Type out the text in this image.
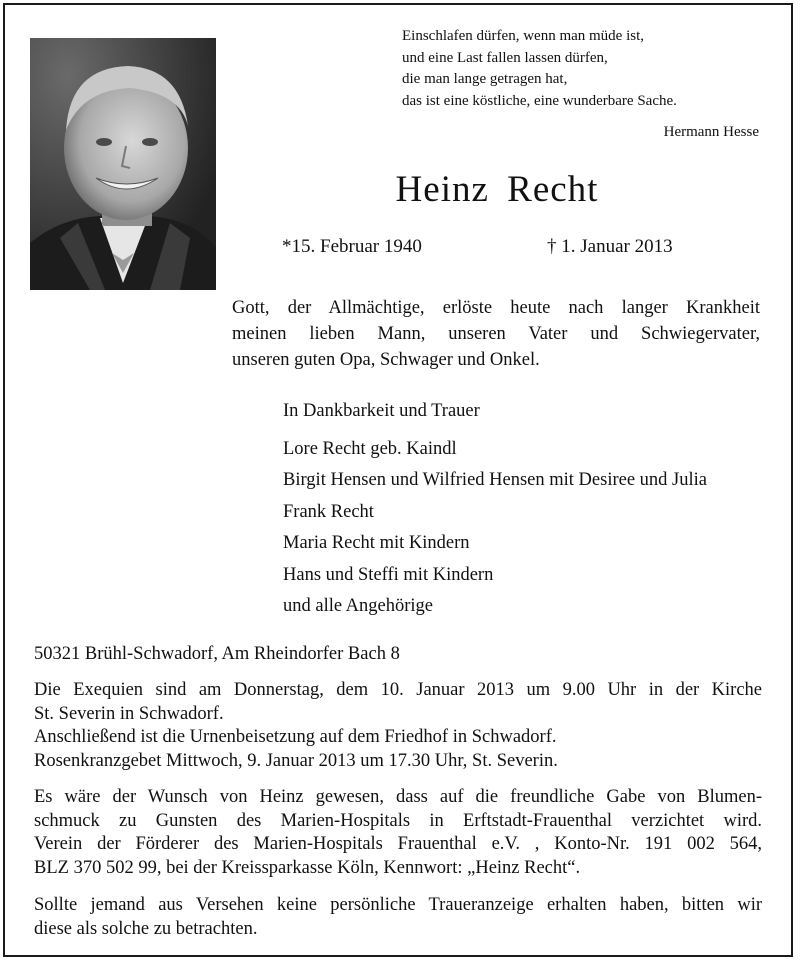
Einschlafen dürfen, wenn man müde ist,
und eine Last fallen lassen dürfen,
die man lange getragen hat,
das ist eine köstliche, eine wunderbare Sache.
Hermann Hesse
Heinz Recht
*15. Februar 1940	† 1. Januar 2013
Gott, der Allmächtige, erlöste heute nach langer Krankheit
meinen lieben Mann, unseren Vater und Schwiegervater,
unseren guten Opa, Schwager und Onkel.
In Dankbarkeit und Trauer
Lore Recht geb. Kaindl
Birgit Hensen und Wilfried Hensen mit Desiree und Julia
Frank Recht
Maria Recht mit Kindern
Hans und Steffi mit Kindern
und alle Angehörige
50321 Brühl-Schwadorf, Am Rheindorfer Bach 8
Die Exequien sind am Donnerstag, dem 10. Januar 2013 um 9.00 Uhr in der Kirche
St. Severin in Schwadorf.
Anschließend ist die Urnenbeisetzung auf dem Friedhof in Schwadorf.
Rosenkranzgebet Mittwoch, 9. Januar 2013 um 17.30 Uhr, St. Severin.
Es wäre der Wunsch von Heinz gewesen, dass auf die freundliche Gabe von Blumen-
schmuck zu Gunsten des Marien-Hospitals in Erftstadt-Frauenthal verzichtet wird.
Verein der Förderer des Marien-Hospitals Frauenthal e.V. , Konto-Nr. 191 002 564,
BLZ 370 502 99, bei der Kreissparkasse Köln, Kennwort: „Heinz Recht“.
Sollte jemand aus Versehen keine persönliche Traueranzeige erhalten haben, bitten wir
diese als solche zu betrachten.
